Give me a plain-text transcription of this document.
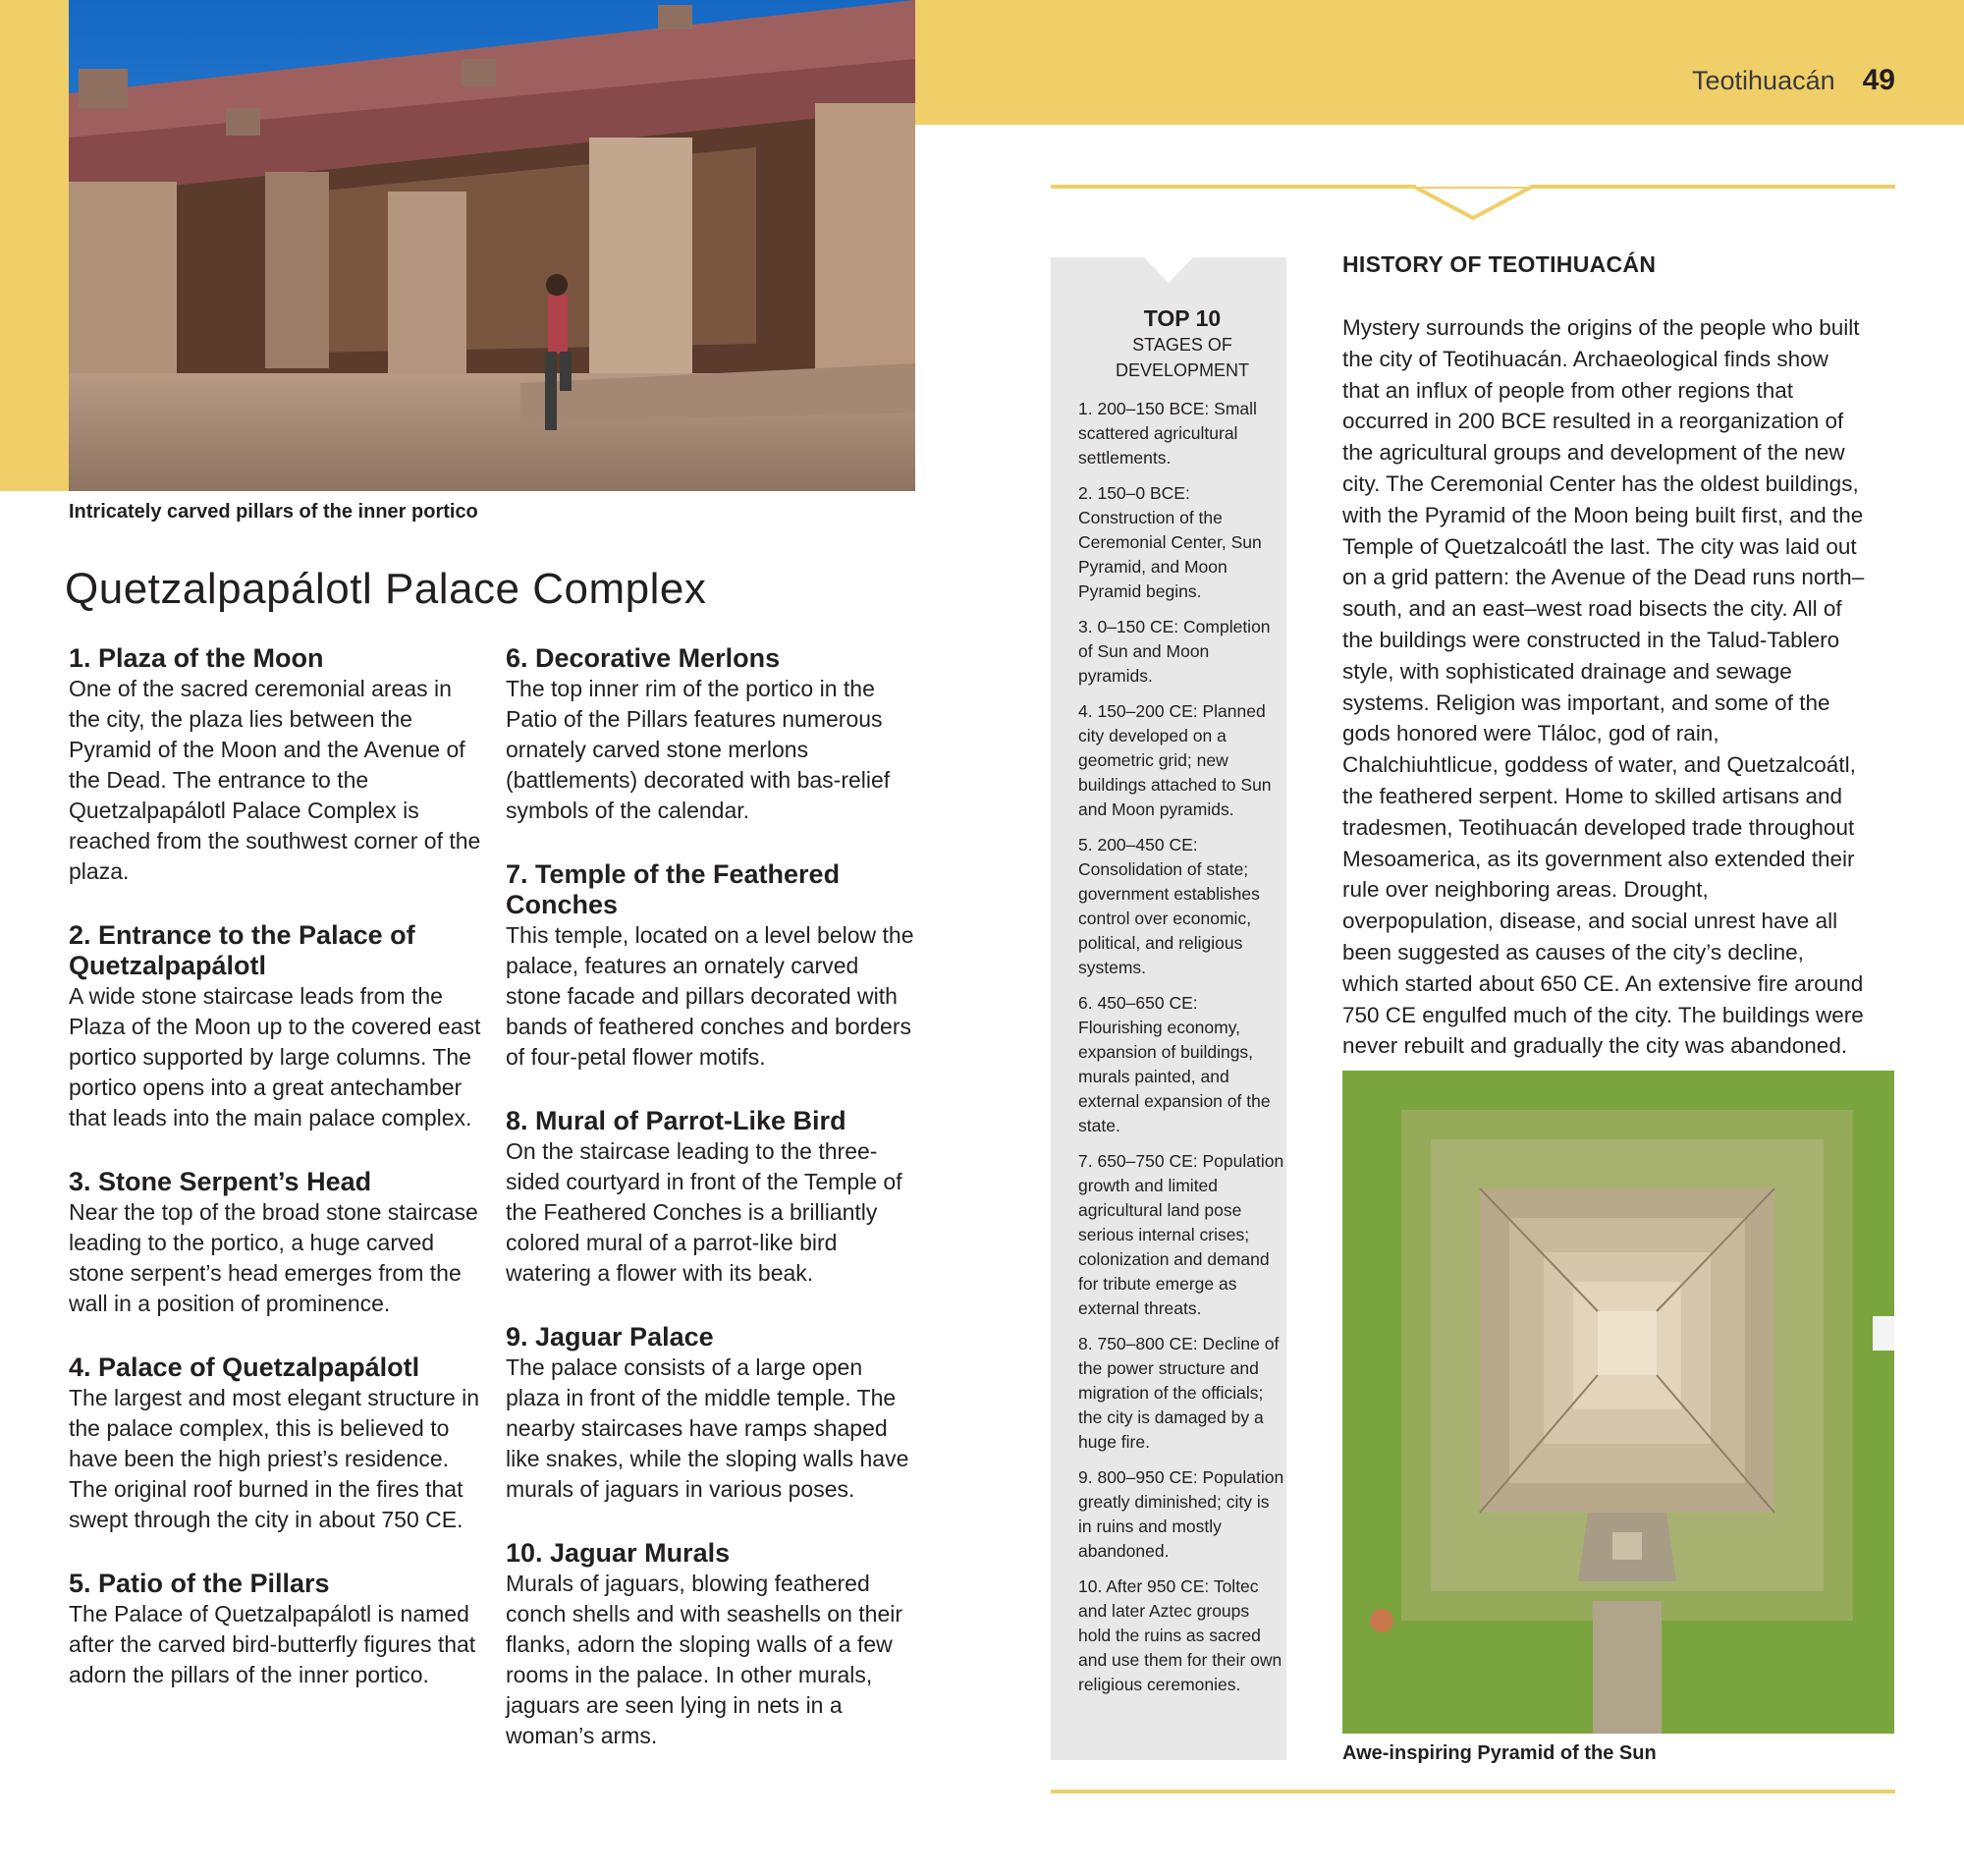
Teotihuacán 49
Intricately carved pillars of the inner portico
Quetzalpapálotl Palace Complex
1. Plaza of the Moon

One of the sacred ceremonial areas in the city, the plaza lies between the Pyramid of the Moon and the Avenue of the Dead. The entrance to the Quetzalpapálotl Palace Complex is reached from the southwest corner of the plaza.

2. Entrance to the Palace of Quetzalpapálotl

A wide stone staircase leads from the Plaza of the Moon up to the covered east portico supported by large columns. The portico opens into a great antechamber that leads into the main palace complex.

3. Stone Serpent’s Head

Near the top of the broad stone staircase leading to the portico, a huge carved stone serpent’s head emerges from the wall in a position of prominence.

4. Palace of Quetzalpapálotl

The largest and most elegant structure in the palace complex, this is believed to have been the high priest’s residence. The original roof burned in the fires that swept through the city in about 750 CE.

5. Patio of the Pillars

The Palace of Quetzalpapálotl is named after the carved bird-butterfly figures that adorn the pillars of the inner portico.

6. Decorative Merlons

The top inner rim of the portico in the Patio of the Pillars features numerous ornately carved stone merlons (battlements) decorated with bas-relief symbols of the calendar.

7. Temple of the Feathered Conches

This temple, located on a level below the palace, features an ornately carved stone facade and pillars decorated with bands of feathered conches and borders of four-petal flower motifs.

8. Mural of Parrot-Like Bird

On the staircase leading to the three-sided courtyard in front of the Temple of the Feathered Conches is a brilliantly colored mural of a parrot-like bird watering a flower with its beak.

9. Jaguar Palace

The palace consists of a large open plaza in front of the middle temple. The nearby staircases have ramps shaped like snakes, while the sloping walls have murals of jaguars in various poses.

10. Jaguar Murals

Murals of jaguars, blowing feathered conch shells and with seashells on their flanks, adorn the sloping walls of a few rooms in the palace. In other murals, jaguars are seen lying in nets in a woman’s arms.

TOP 10
STAGES OF
DEVELOPMENT
1. 200–150 BCE: Small scattered agricultural settlements.
2. 150–0 BCE: Construction of the Ceremonial Center, Sun Pyramid, and Moon Pyramid begins.
3. 0–150 CE: Completion of Sun and Moon pyramids.
4. 150–200 CE: Planned city developed on a geometric grid; new buildings attached to Sun and Moon pyramids.
5. 200–450 CE: Consolidation of state; government establishes control over economic, political, and religious systems.
6. 450–650 CE: Flourishing economy, expansion of buildings, murals painted, and external expansion of the state.
7. 650–750 CE: Population growth and limited agricultural land pose serious internal crises; colonization and demand for tribute emerge as external threats.
8. 750–800 CE: Decline of the power structure and migration of the officials; the city is damaged by a huge fire.
9. 800–950 CE: Population greatly diminished; city is in ruins and mostly abandoned.
10. After 950 CE: Toltec and later Aztec groups hold the ruins as sacred and use them for their own religious ceremonies.
HISTORY OF TEOTIHUACÁN

Mystery surrounds the origins of the people who built the city of Teotihuacán. Archaeological finds show that an influx of people from other regions that occurred in 200 BCE resulted in a reorganization of the agricultural groups and development of the new city. The Ceremonial Center has the oldest buildings, with the Pyramid of the Moon being built first, and the Temple of Quetzalcoátl the last. The city was laid out on a grid pattern: the Avenue of the Dead runs north–south, and an east–west road bisects the city. All of the buildings were constructed in the Talud-Tablero style, with sophisticated drainage and sewage systems. Religion was important, and some of the gods honored were Tláloc, god of rain, Chalchiuhtlicue, goddess of water, and Quetzalcoátl, the feathered serpent. Home to skilled artisans and tradesmen, Teotihuacán developed trade throughout Mesoamerica, as its government also extended their rule over neighboring areas. Drought, overpopulation, disease, and social unrest have all been suggested as causes of the city’s decline, which started about 650 CE. An extensive fire around 750 CE engulfed much of the city. The buildings were never rebuilt and gradually the city was abandoned.

Awe-inspiring Pyramid of the Sun
